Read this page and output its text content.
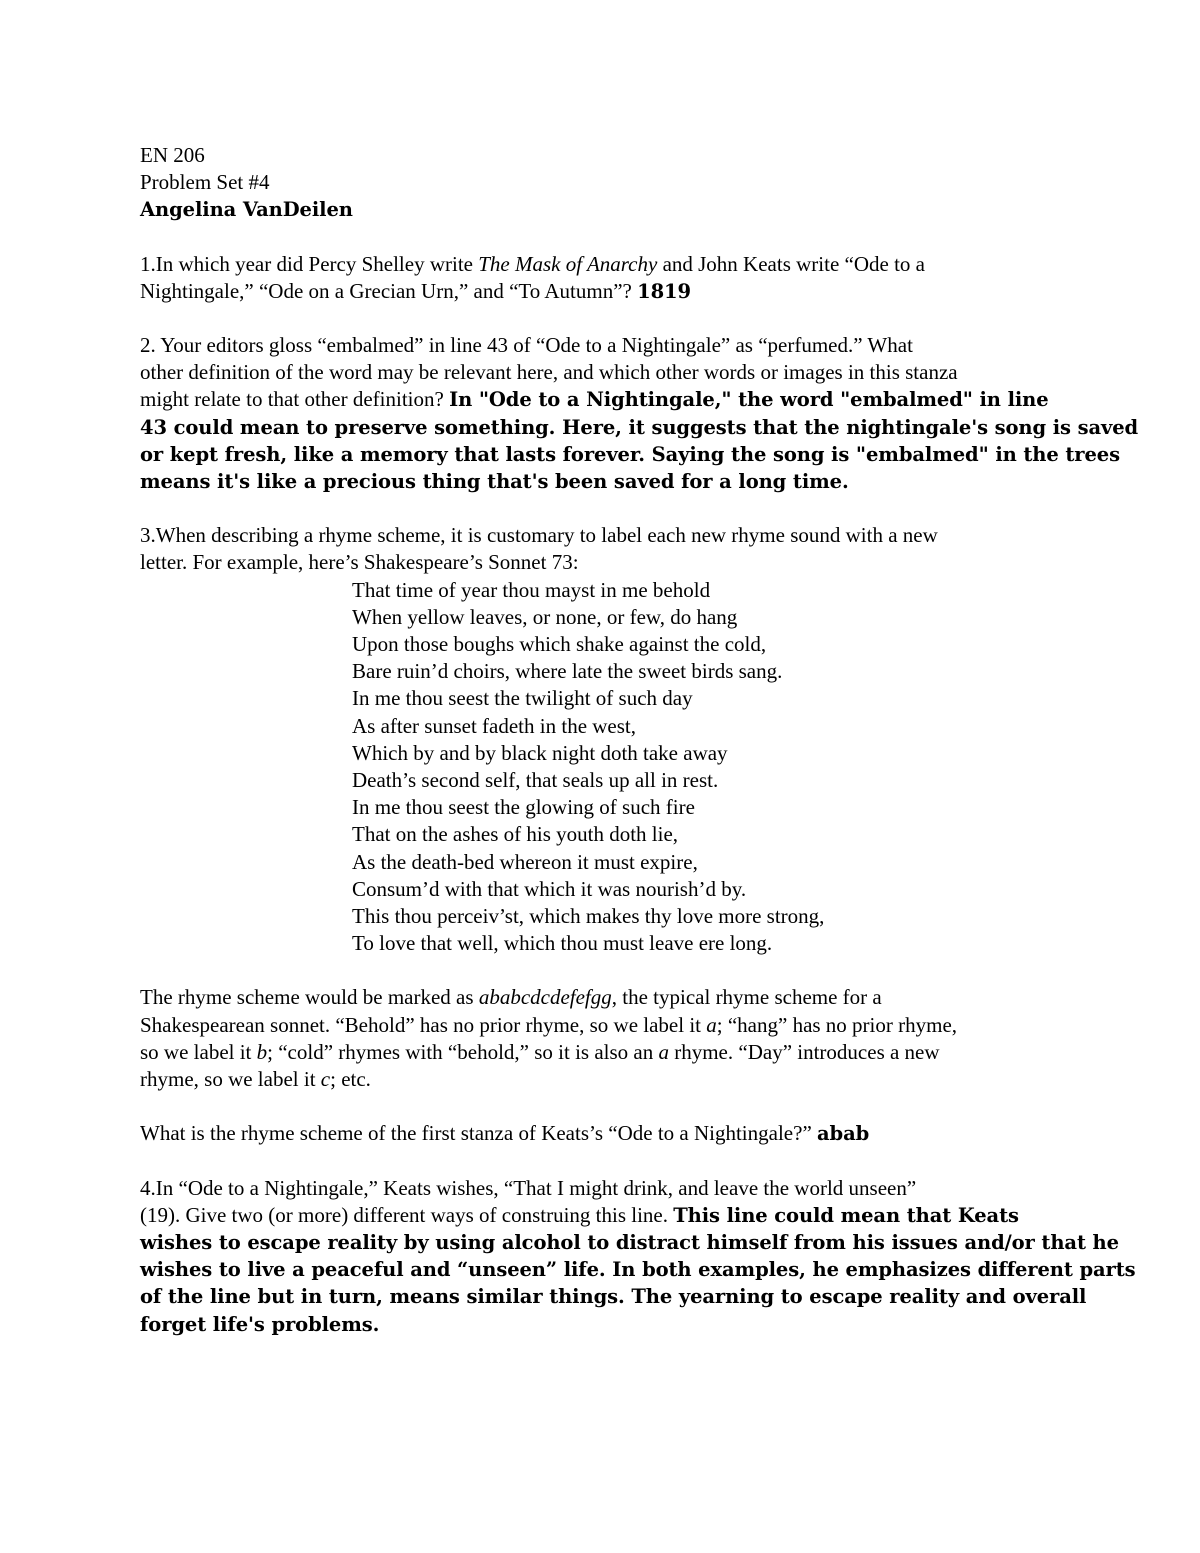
EN 206
Problem Set #4
Angelina VanDeilen
1.In which year did Percy Shelley write The Mask of Anarchy and John Keats write “Ode to a
Nightingale,” “Ode on a Grecian Urn,” and “To Autumn”? 1819
2. Your editors gloss “embalmed” in line 43 of “Ode to a Nightingale” as “perfumed.” What
other definition of the word may be relevant here, and which other words or images in this stanza
might relate to that other definition? In "Ode to a Nightingale," the word "embalmed" in line
43 could mean to preserve something. Here, it suggests that the nightingale's song is saved
or kept fresh, like a memory that lasts forever. Saying the song is "embalmed" in the trees
means it's like a precious thing that's been saved for a long time.
3.When describing a rhyme scheme, it is customary to label each new rhyme sound with a new
letter. For example, here’s Shakespeare’s Sonnet 73:
That time of year thou mayst in me behold
When yellow leaves, or none, or few, do hang
Upon those boughs which shake against the cold,
Bare ruin’d choirs, where late the sweet birds sang.
In me thou seest the twilight of such day
As after sunset fadeth in the west,
Which by and by black night doth take away
Death’s second self, that seals up all in rest.
In me thou seest the glowing of such fire
That on the ashes of his youth doth lie,
As the death-bed whereon it must expire,
Consum’d with that which it was nourish’d by.
This thou perceiv’st, which makes thy love more strong,
To love that well, which thou must leave ere long.
The rhyme scheme would be marked as ababcdcdefefgg, the typical rhyme scheme for a
Shakespearean sonnet. “Behold” has no prior rhyme, so we label it a; “hang” has no prior rhyme,
so we label it b; “cold” rhymes with “behold,” so it is also an a rhyme. “Day” introduces a new
rhyme, so we label it c; etc.
What is the rhyme scheme of the first stanza of Keats’s “Ode to a Nightingale?” abab
4.In “Ode to a Nightingale,” Keats wishes, “That I might drink, and leave the world unseen”
(19). Give two (or more) different ways of construing this line. This line could mean that Keats
wishes to escape reality by using alcohol to distract himself from his issues and/or that he
wishes to live a peaceful and “unseen” life. In both examples, he emphasizes different parts
of the line but in turn, means similar things. The yearning to escape reality and overall
forget life's problems.
